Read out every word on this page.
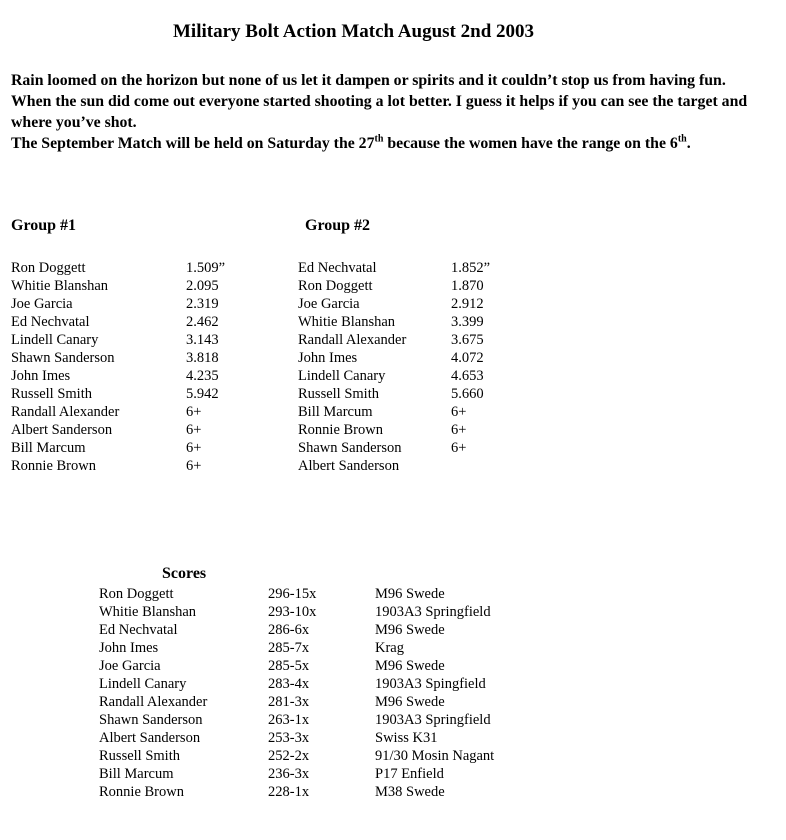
Military Bolt Action Match August 2nd 2003

Rain loomed on the horizon but none of us let it dampen or spirits and it couldn’t stop us from having fun.

When the sun did come out everyone started shooting a lot better. I guess it helps if you can see the target and where you’ve shot.

The September Match will be held on Saturday the 27th because the women have the range on the 6th.

Group #1	Group #2
Ron Doggett	1.509”
Whitie Blanshan	2.095
Joe Garcia	2.319
Ed Nechvatal	2.462
Lindell Canary	3.143
Shawn Sanderson	3.818
John Imes	4.235
Russell Smith	5.942
Randall Alexander	6+
Albert Sanderson	6+
Bill Marcum	6+
Ronnie Brown	6+
Ed Nechvatal	1.852”
Ron Doggett	1.870
Joe Garcia	2.912
Whitie Blanshan	3.399
Randall Alexander	3.675
John Imes	4.072
Lindell Canary	4.653
Russell Smith	5.660
Bill Marcum	6+
Ronnie Brown	6+
Shawn Sanderson	6+
Albert Sanderson
Scores
Ron Doggett	296-15x	M96 Swede
Whitie Blanshan	293-10x	1903A3 Springfield
Ed Nechvatal	286-6x	M96 Swede
John Imes	285-7x	Krag
Joe Garcia	285-5x	M96 Swede
Lindell Canary	283-4x	1903A3 Spingfield
Randall Alexander	281-3x	M96 Swede
Shawn Sanderson	263-1x	1903A3 Springfield
Albert Sanderson	253-3x	Swiss K31
Russell Smith	252-2x	91/30 Mosin Nagant
Bill Marcum	236-3x	P17 Enfield
Ronnie Brown	228-1x	M38 Swede
